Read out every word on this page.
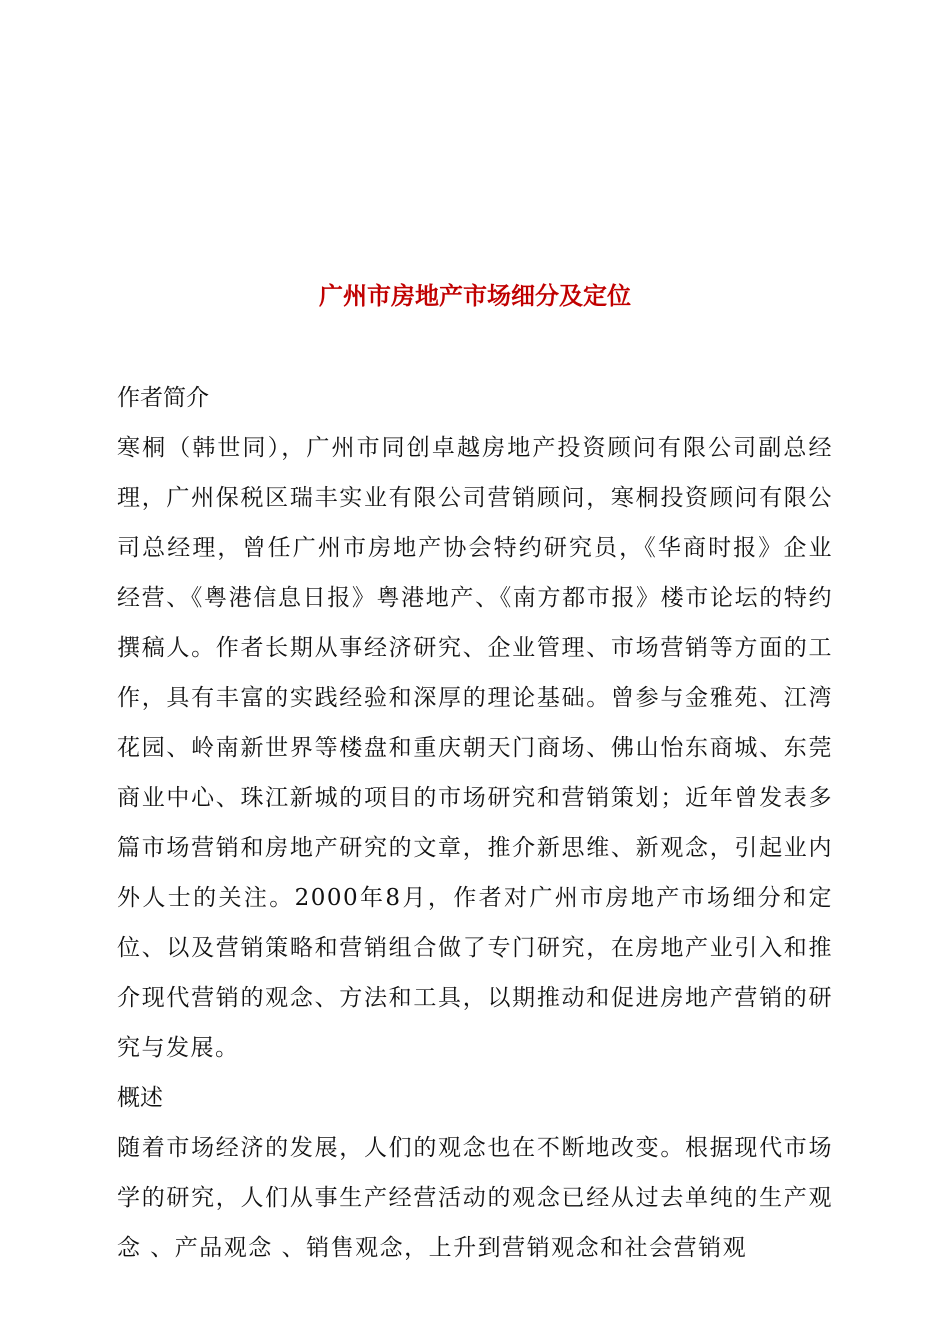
广州市房地产市场细分及定位
作者简介

寒桐（韩世同），广州市同创卓越房地产投资顾问有限公司副总经理，广州保税区瑞丰实业有限公司营销顾问，寒桐投资顾问有限公司总经理，曾任广州市房地产协会特约研究员，《华商时报》企业经营、《粤港信息日报》粤港地产、《南方都市报》楼市论坛的特约撰稿人。作者长期从事经济研究、企业管理、市场营销等方面的工作，具有丰富的实践经验和深厚的理论基础。曾参与金雅苑、江湾花园、岭南新世界等楼盘和重庆朝天门商场、佛山怡东商城、东莞商业中心、珠江新城的项目的市场研究和营销策划；近年曾发表多篇市场营销和房地产研究的文章，推介新思维、新观念，引起业内外人士的关注。2000年8月，作者对广州市房地产市场细分和定位、以及营销策略和营销组合做了专门研究，在房地产业引入和推介现代营销的观念、方法和工具，以期推动和促进房地产营销的研究与发展。

概述

随着市场经济的发展，人们的观念也在不断地改变。根据现代市场学的研究，人们从事生产经营活动的观念已经从过去单纯的生产观念 、产品观念 、销售观念，上升到营销观念和社会营销观
